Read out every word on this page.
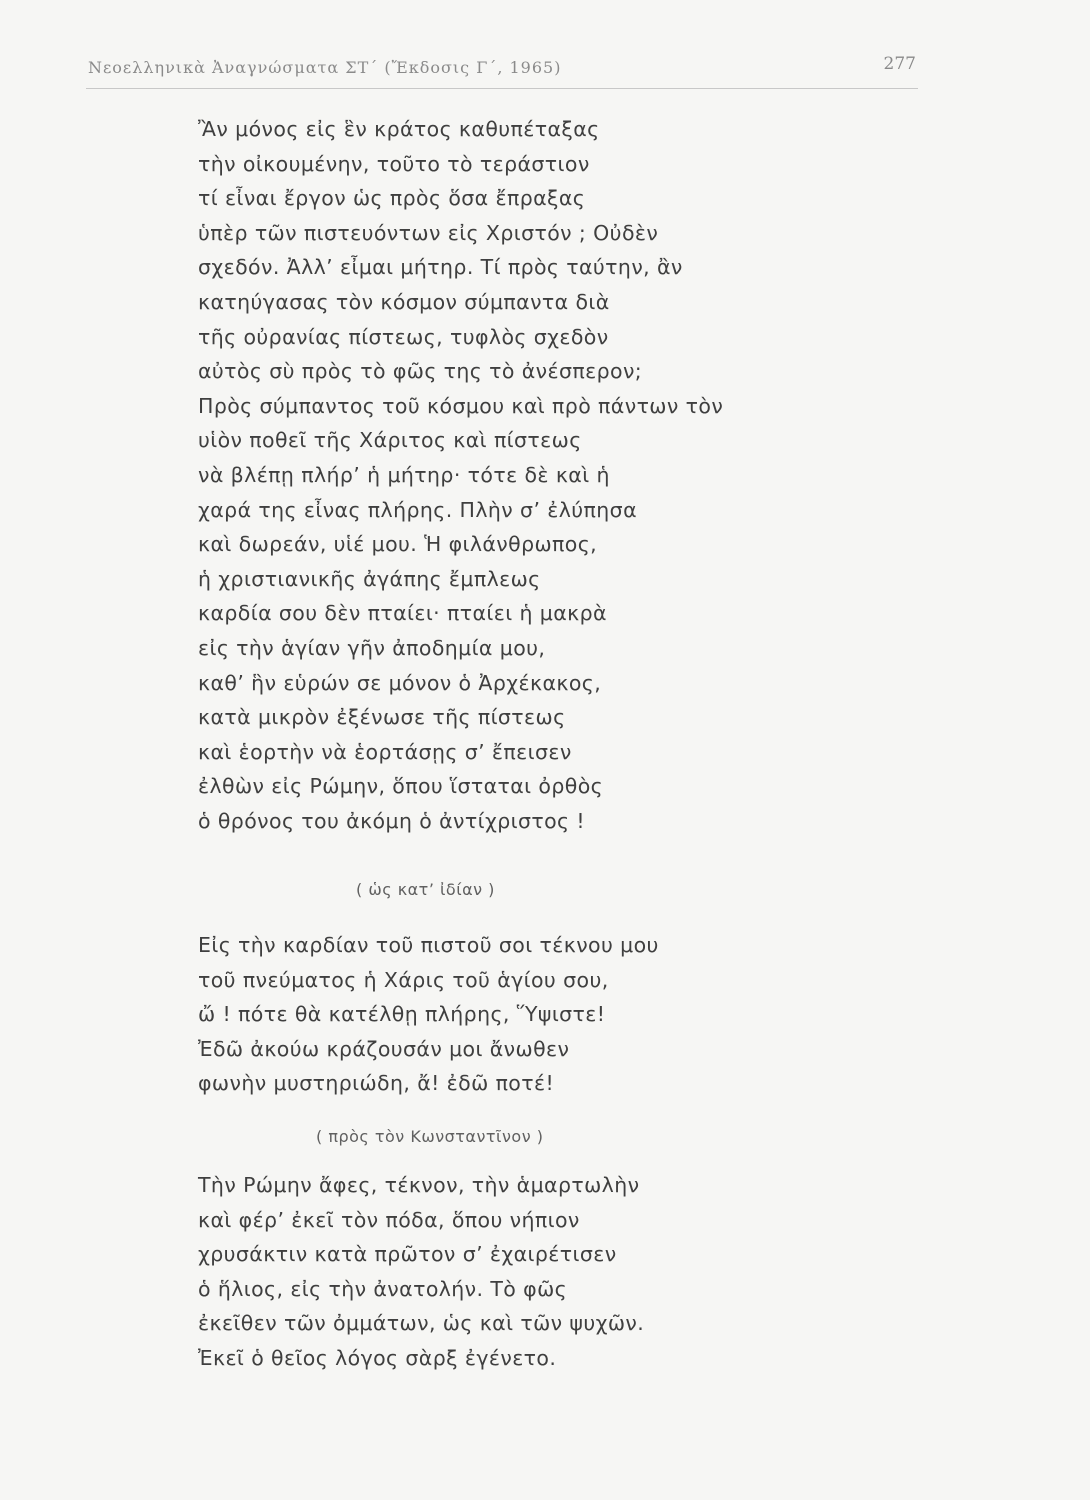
Νεοελληνικὰ Ἀναγνώσματα ΣΤ΄ (Ἔκδοσις Γ΄, 1965)	277
Ἂν μόνος εἰς ἓν κράτος καθυπέταξας
τὴν οἰκουμένην, τοῦτο τὸ τεράστιον
τί εἶναι ἔργον ὡς πρὸς ὅσα ἔπραξας
ὑπὲρ τῶν πιστευόντων εἰς Χριστόν ; Οὐδὲν
σχεδόν. Ἀλλ’ εἶμαι μήτηρ. Τί πρὸς ταύτην, ἂν
κατηύγασας τὸν κόσμον σύμπαντα διὰ
τῆς οὐρανίας πίστεως, τυφλὸς σχεδὸν
αὐτὸς σὺ πρὸς τὸ φῶς της τὸ ἀνέσπερον;
Πρὸς σύμπαντος τοῦ κόσμου καὶ πρὸ πάντων τὸν
υἱὸν ποθεῖ τῆς Χάριτος καὶ πίστεως
νὰ βλέπῃ πλήρ’ ἡ μήτηρ· τότε δὲ καὶ ἡ
χαρά της εἶνας πλήρης. Πλὴν σ’ ἐλύπησα
καὶ δωρεάν, υἱέ μου. Ἡ φιλάνθρωπος,
ἡ χριστιανικῆς ἀγάπης ἔμπλεως
καρδία σου δὲν πταίει· πταίει ἡ μακρὰ
εἰς τὴν ἁγίαν γῆν ἀποδημία μου,
καθ’ ἣν εὑρών σε μόνον ὁ Ἀρχέκακος,
κατὰ μικρὸν ἐξένωσε τῆς πίστεως
καὶ ἑορτὴν νὰ ἑορτάσῃς σ’ ἔπεισεν
ἐλθὼν εἰς Ρώμην, ὅπου ἵσταται ὀρθὸς
ὁ θρόνος του ἀκόμη ὁ ἀντίχριστος !
( ὡς κατ’ ἰδίαν )
Εἰς τὴν καρδίαν τοῦ πιστοῦ σοι τέκνου μου
τοῦ πνεύματος ἡ Χάρις τοῦ ἁγίου σου,
ὤ ! πότε θὰ κατέλθῃ πλήρης, Ὕψιστε!
Ἐδῶ ἀκούω κράζουσάν μοι ἄνωθεν
φωνὴν μυστηριώδη, ἄ! ἐδῶ ποτέ!
( πρὸς τὸν Κωνσταντῖνον )
Τὴν Ρώμην ἄφες, τέκνον, τὴν ἁμαρτωλὴν
καὶ φέρ’ ἐκεῖ τὸν πόδα, ὅπου νήπιον
χρυσάκτιν κατὰ πρῶτον σ’ ἐχαιρέτισεν
ὁ ἥλιος, εἰς τὴν ἀνατολήν. Τὸ φῶς
ἐκεῖθεν τῶν ὀμμάτων, ὡς καὶ τῶν ψυχῶν.
Ἐκεῖ ὁ θεῖος λόγος σὰρξ ἐγένετο.
